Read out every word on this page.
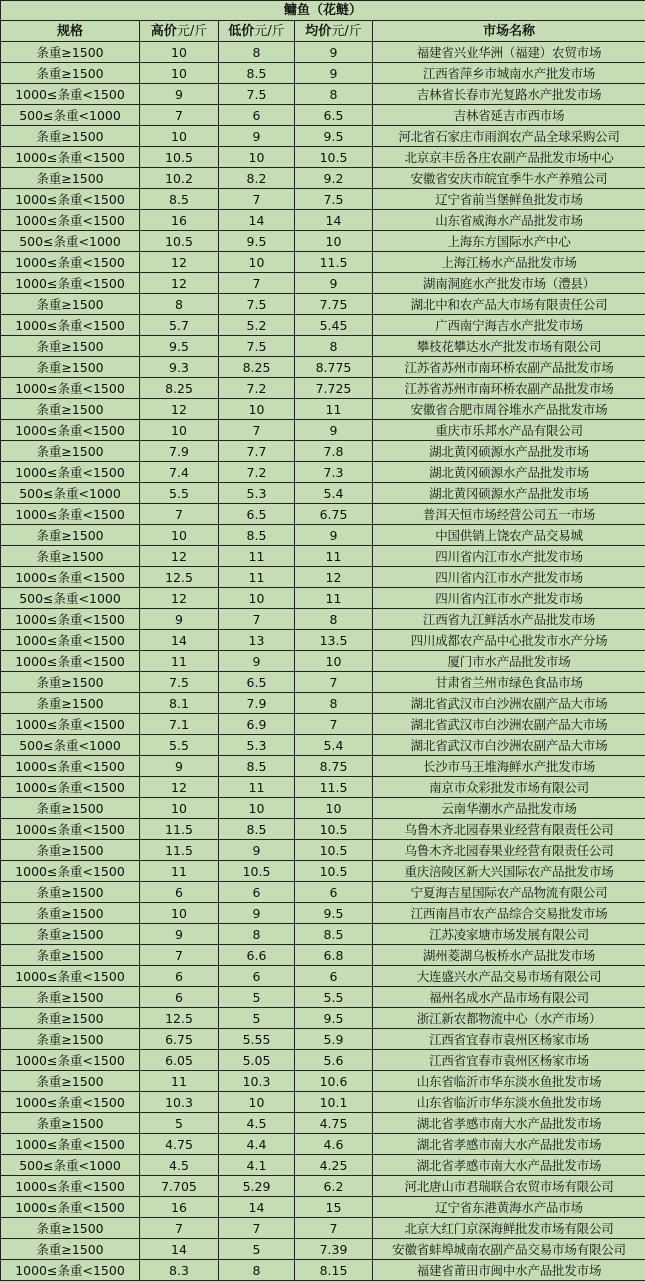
鳙鱼（花鲢）				
规格	高价元/斤	低价元/斤	均价元/斤	市场名称
条重≥1500	10	8	9	福建省兴业华洲（福建）农贸市场
条重≥1500	10	8.5	9	江西省萍乡市城南水产批发市场
1000≤条重<1500	9	7.5	8	吉林省长春市光复路水产批发市场
500≤条重<1000	7	6	6.5	吉林省延吉市西市场
条重≥1500	10	9	9.5	河北省石家庄市雨润农产品全球采购公司
1000≤条重<1500	10.5	10	10.5	北京京丰岳各庄农副产品批发市场中心
条重≥1500	10.2	8.2	9.2	安徽省安庆市皖宜季牛水产养殖公司
1000≤条重<1500	8.5	7	7.5	辽宁省前当堡鲜鱼批发市场
1000≤条重<1500	16	14	14	山东省威海水产品批发市场
500≤条重<1000	10.5	9.5	10	上海东方国际水产中心
1000≤条重<1500	12	10	11.5	上海江杨水产品批发市场
1000≤条重<1500	12	7	9	湖南洞庭水产批发市场（澧县）
条重≥1500	8	7.5	7.75	湖北中和农产品大市场有限责任公司
1000≤条重<1500	5.7	5.2	5.45	广西南宁海吉水产批发市场
条重≥1500	9.5	7.5	8	攀枝花攀达水产批发市场有限公司
条重≥1500	9.3	8.25	8.775	江苏省苏州市南环桥农副产品批发市场
1000≤条重<1500	8.25	7.2	7.725	江苏省苏州市南环桥农副产品批发市场
条重≥1500	12	10	11	安徽省合肥市周谷堆水产品批发市场
1000≤条重<1500	10	7	9	重庆市乐邦水产品有限公司
条重≥1500	7.9	7.7	7.8	湖北黄冈硕源水产品批发市场
1000≤条重<1500	7.4	7.2	7.3	湖北黄冈硕源水产品批发市场
500≤条重<1000	5.5	5.3	5.4	湖北黄冈硕源水产品批发市场
1000≤条重<1500	7	6.5	6.75	普洱天恒市场经营公司五一市场
条重≥1500	10	8.5	9	中国供销上饶农产品交易城
条重≥1500	12	11	11	四川省内江市水产批发市场
1000≤条重<1500	12.5	11	12	四川省内江市水产批发市场
500≤条重<1000	12	10	11	四川省内江市水产批发市场
1000≤条重<1500	9	7	8	江西省九江鲜活水产品批发市场
1000≤条重<1500	14	13	13.5	四川成都农产品中心批发市水产分场
1000≤条重<1500	11	9	10	厦门市水产品批发市场
条重≥1500	7.5	6.5	7	甘肃省兰州市绿色食品市场
条重≥1500	8.1	7.9	8	湖北省武汉市白沙洲农副产品大市场
1000≤条重<1500	7.1	6.9	7	湖北省武汉市白沙洲农副产品大市场
500≤条重<1000	5.5	5.3	5.4	湖北省武汉市白沙洲农副产品大市场
1000≤条重<1500	9	8.5	8.75	长沙市马王堆海鲜水产批发市场
1000≤条重<1500	12	11	11.5	南京市众彩批发市场有限公司
条重≥1500	10	10	10	云南华潮水产品批发市场
1000≤条重<1500	11.5	8.5	10.5	乌鲁木齐北园春果业经营有限责任公司
条重≥1500	11.5	9	10.5	乌鲁木齐北园春果业经营有限责任公司
1000≤条重<1500	11	10.5	10.5	重庆涪陵区新大兴国际农产品批发市场
条重≥1500	6	6	6	宁夏海吉星国际农产品物流有限公司
条重≥1500	10	9	9.5	江西南昌市农产品综合交易批发市场
条重≥1500	9	8	8.5	江苏凌家塘市场发展有限公司
条重≥1500	7	6.6	6.8	湖州菱湖乌板桥水产品批发市场
1000≤条重<1500	6	6	6	大连盛兴水产品交易市场有限公司
条重≥1500	6	5	5.5	福州名成水产品市场有限公司
条重≥1500	12.5	5	9.5	浙江新农都物流中心（水产市场）
条重≥1500	6.75	5.55	5.9	江西省宜春市袁州区杨家市场
1000≤条重<1500	6.05	5.05	5.6	江西省宜春市袁州区杨家市场
条重≥1500	11	10.3	10.6	山东省临沂市华东淡水鱼批发市场
1000≤条重<1500	10.3	10	10.1	山东省临沂市华东淡水鱼批发市场
条重≥1500	5	4.5	4.75	湖北省孝感市南大水产品批发市场
1000≤条重<1500	4.75	4.4	4.6	湖北省孝感市南大水产品批发市场
500≤条重<1000	4.5	4.1	4.25	湖北省孝感市南大水产品批发市场
1000≤条重<1500	7.705	5.29	6.2	河北唐山市君瑞联合农贸市场有限公司
1000≤条重<1500	16	14	15	辽宁省东港黄海水产品市场
条重≥1500	7	7	7	北京大红门京深海鲜批发市场有限公司
条重≥1500	14	5	7.39	安徽省蚌埠城南农副产品交易市场有限公司
1000≤条重<1500	8.3	8	8.15	福建省莆田市闽中水产品批发市场
